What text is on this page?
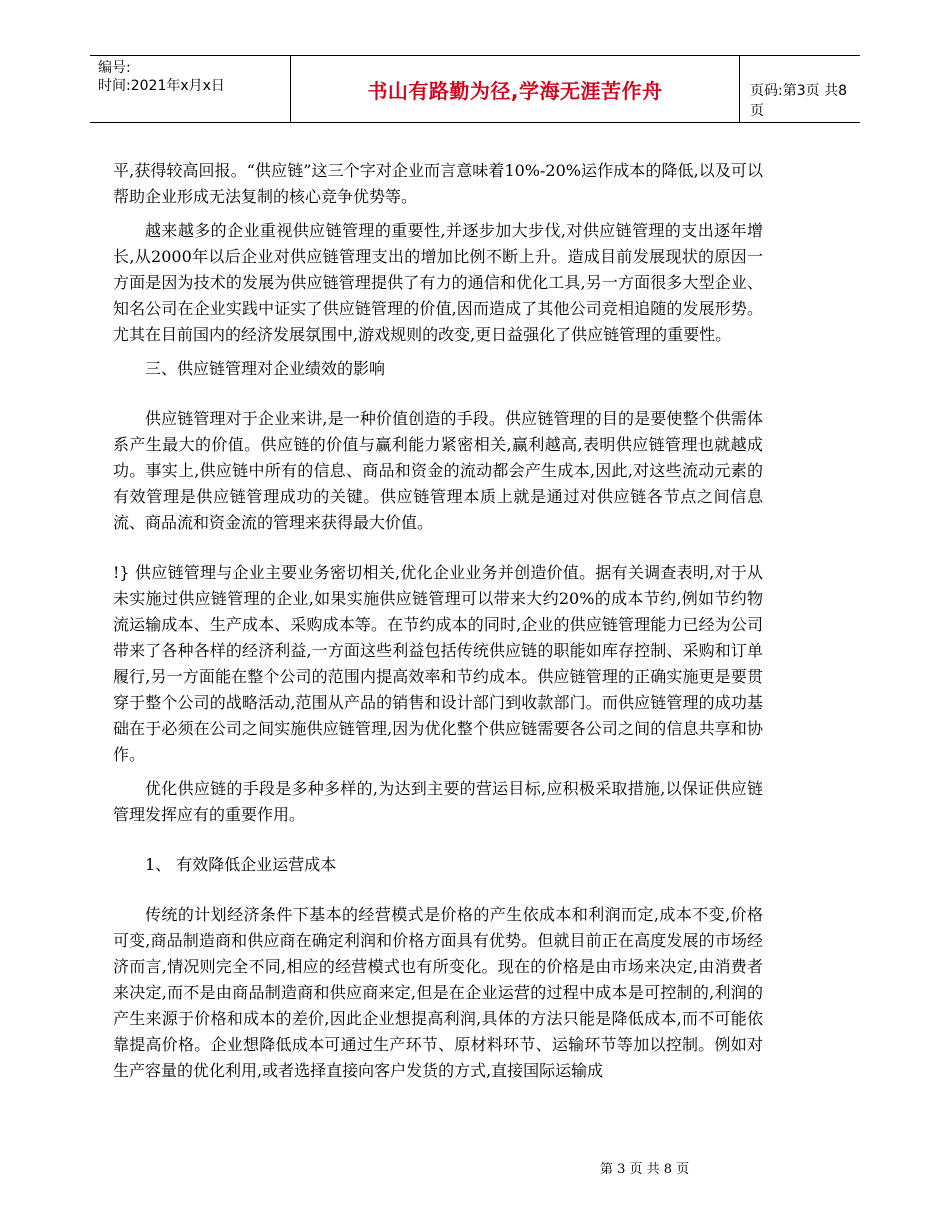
编号:
时间:2021年x月x日	书山有路勤为径,学海无涯苦作舟	页码:第3页 共8页

平,获得较高回报。“供应链”这三个字对企业而言意味着10%-20%运作成本的降低,以及可以帮助企业形成无法复制的核心竞争优势等。

越来越多的企业重视供应链管理的重要性,并逐步加大步伐,对供应链管理的支出逐年增长,从2000年以后企业对供应链管理支出的增加比例不断上升。造成目前发展现状的原因一方面是因为技术的发展为供应链管理提供了有力的通信和优化工具,另一方面很多大型企业、知名公司在企业实践中证实了供应链管理的价值,因而造成了其他公司竞相追随的发展形势。尤其在目前国内的经济发展氛围中,游戏规则的改变,更日益强化了供应链管理的重要性。

三、供应链管理对企业绩效的影响

供应链管理对于企业来讲,是一种价值创造的手段。供应链管理的目的是要使整个供需体系产生最大的价值。供应链的价值与赢利能力紧密相关,赢利越高,表明供应链管理也就越成功。事实上,供应链中所有的信息、商品和资金的流动都会产生成本,因此,对这些流动元素的有效管理是供应链管理成功的关键。供应链管理本质上就是通过对供应链各节点之间信息流、商品流和资金流的管理来获得最大价值。

!} 供应链管理与企业主要业务密切相关,优化企业业务并创造价值。据有关调查表明,对于从未实施过供应链管理的企业,如果实施供应链管理可以带来大约20%的成本节约,例如节约物流运输成本、生产成本、采购成本等。在节约成本的同时,企业的供应链管理能力已经为公司带来了各种各样的经济利益,一方面这些利益包括传统供应链的职能如库存控制、采购和订单履行,另一方面能在整个公司的范围内提高效率和节约成本。供应链管理的正确实施更是要贯穿于整个公司的战略活动,范围从产品的销售和设计部门到收款部门。而供应链管理的成功基础在于必须在公司之间实施供应链管理,因为优化整个供应链需要各公司之间的信息共享和协作。

优化供应链的手段是多种多样的,为达到主要的营运目标,应积极采取措施,以保证供应链管理发挥应有的重要作用。

1、 有效降低企业运营成本

传统的计划经济条件下基本的经营模式是价格的产生依成本和利润而定,成本不变,价格可变,商品制造商和供应商在确定利润和价格方面具有优势。但就目前正在高度发展的市场经济而言,情况则完全不同,相应的经营模式也有所变化。现在的价格是由市场来决定,由消费者来决定,而不是由商品制造商和供应商来定,但是在企业运营的过程中成本是可控制的,利润的产生来源于价格和成本的差价,因此企业想提高利润,具体的方法只能是降低成本,而不可能依靠提高价格。企业想降低成本可通过生产环节、原材料环节、运输环节等加以控制。例如对生产容量的优化利用,或者选择直接向客户发货的方式,直接国际运输成

第 3 页 共 8 页
